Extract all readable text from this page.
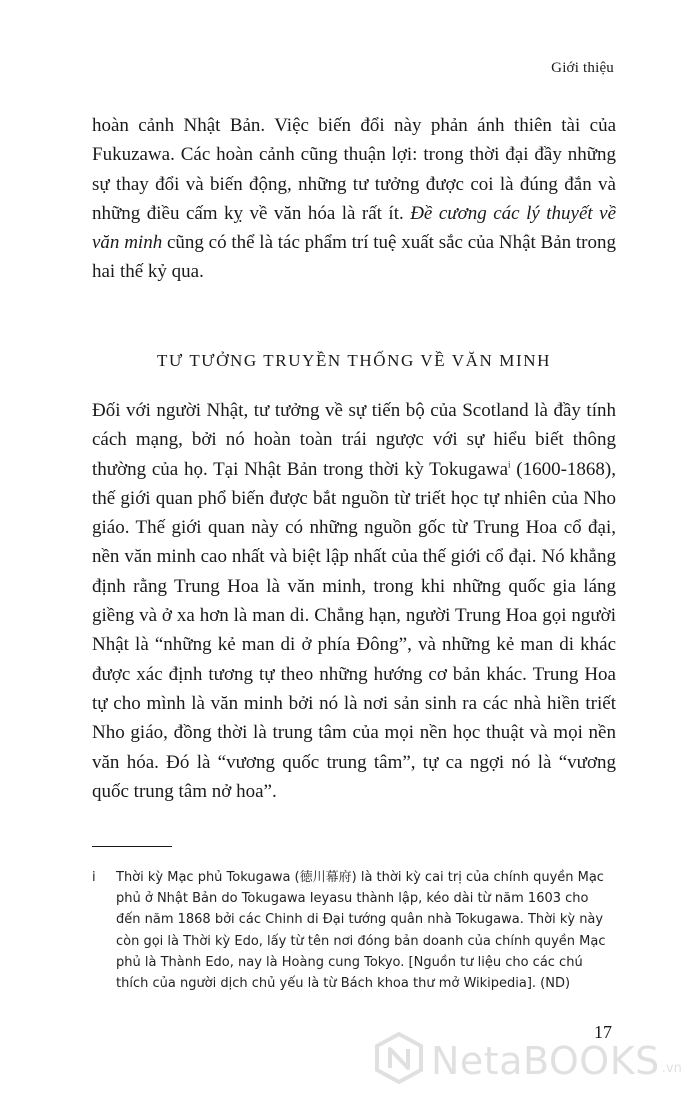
Giới thiệu

hoàn cảnh Nhật Bản. Việc biến đổi này phản ánh thiên tài của Fukuzawa. Các hoàn cảnh cũng thuận lợi: trong thời đại đầy những sự thay đổi và biến động, những tư tưởng được coi là đúng đắn và những điều cấm kỵ về văn hóa là rất ít. Đề cương các lý thuyết về văn minh cũng có thể là tác phẩm trí tuệ xuất sắc của Nhật Bản trong hai thế kỷ qua.

TƯ TƯỞNG TRUYỀN THỐNG VỀ VĂN MINH

Đối với người Nhật, tư tưởng về sự tiến bộ của Scotland là đầy tính cách mạng, bởi nó hoàn toàn trái ngược với sự hiểu biết thông thường của họ. Tại Nhật Bản trong thời kỳ Tokugawa$^i$ (1600-1868), thế giới quan phổ biến được bắt nguồn từ triết học tự nhiên của Nho giáo. Thế giới quan này có những nguồn gốc từ Trung Hoa cổ đại, nền văn minh cao nhất và biệt lập nhất của thế giới cổ đại. Nó khẳng định rằng Trung Hoa là văn minh, trong khi những quốc gia láng giềng và ở xa hơn là man di. Chẳng hạn, người Trung Hoa gọi người Nhật là “những kẻ man di ở phía Đông”, và những kẻ man di khác được xác định tương tự theo những hướng cơ bản khác. Trung Hoa tự cho mình là văn minh bởi nó là nơi sản sinh ra các nhà hiền triết Nho giáo, đồng thời là trung tâm của mọi nền học thuật và mọi nền văn hóa. Đó là “vương quốc trung tâm”, tự ca ngợi nó là “vương quốc trung tâm nở hoa”.

i Thời kỳ Mạc phủ Tokugawa (徳川幕府) là thời kỳ cai trị của chính quyền Mạc phủ ở Nhật Bản do Tokugawa Ieyasu thành lập, kéo dài từ năm 1603 cho đến năm 1868 bởi các Chinh di Đại tướng quân nhà Tokugawa. Thời kỳ này còn gọi là Thời kỳ Edo, lấy từ tên nơi đóng bản doanh của chính quyền Mạc phủ là Thành Edo, nay là Hoàng cung Tokyo. [Nguồn tư liệu cho các chú thích của người dịch chủ yếu là từ Bách khoa thư mở Wikipedia]. (ND)
17
NetaBOOKS .vn
